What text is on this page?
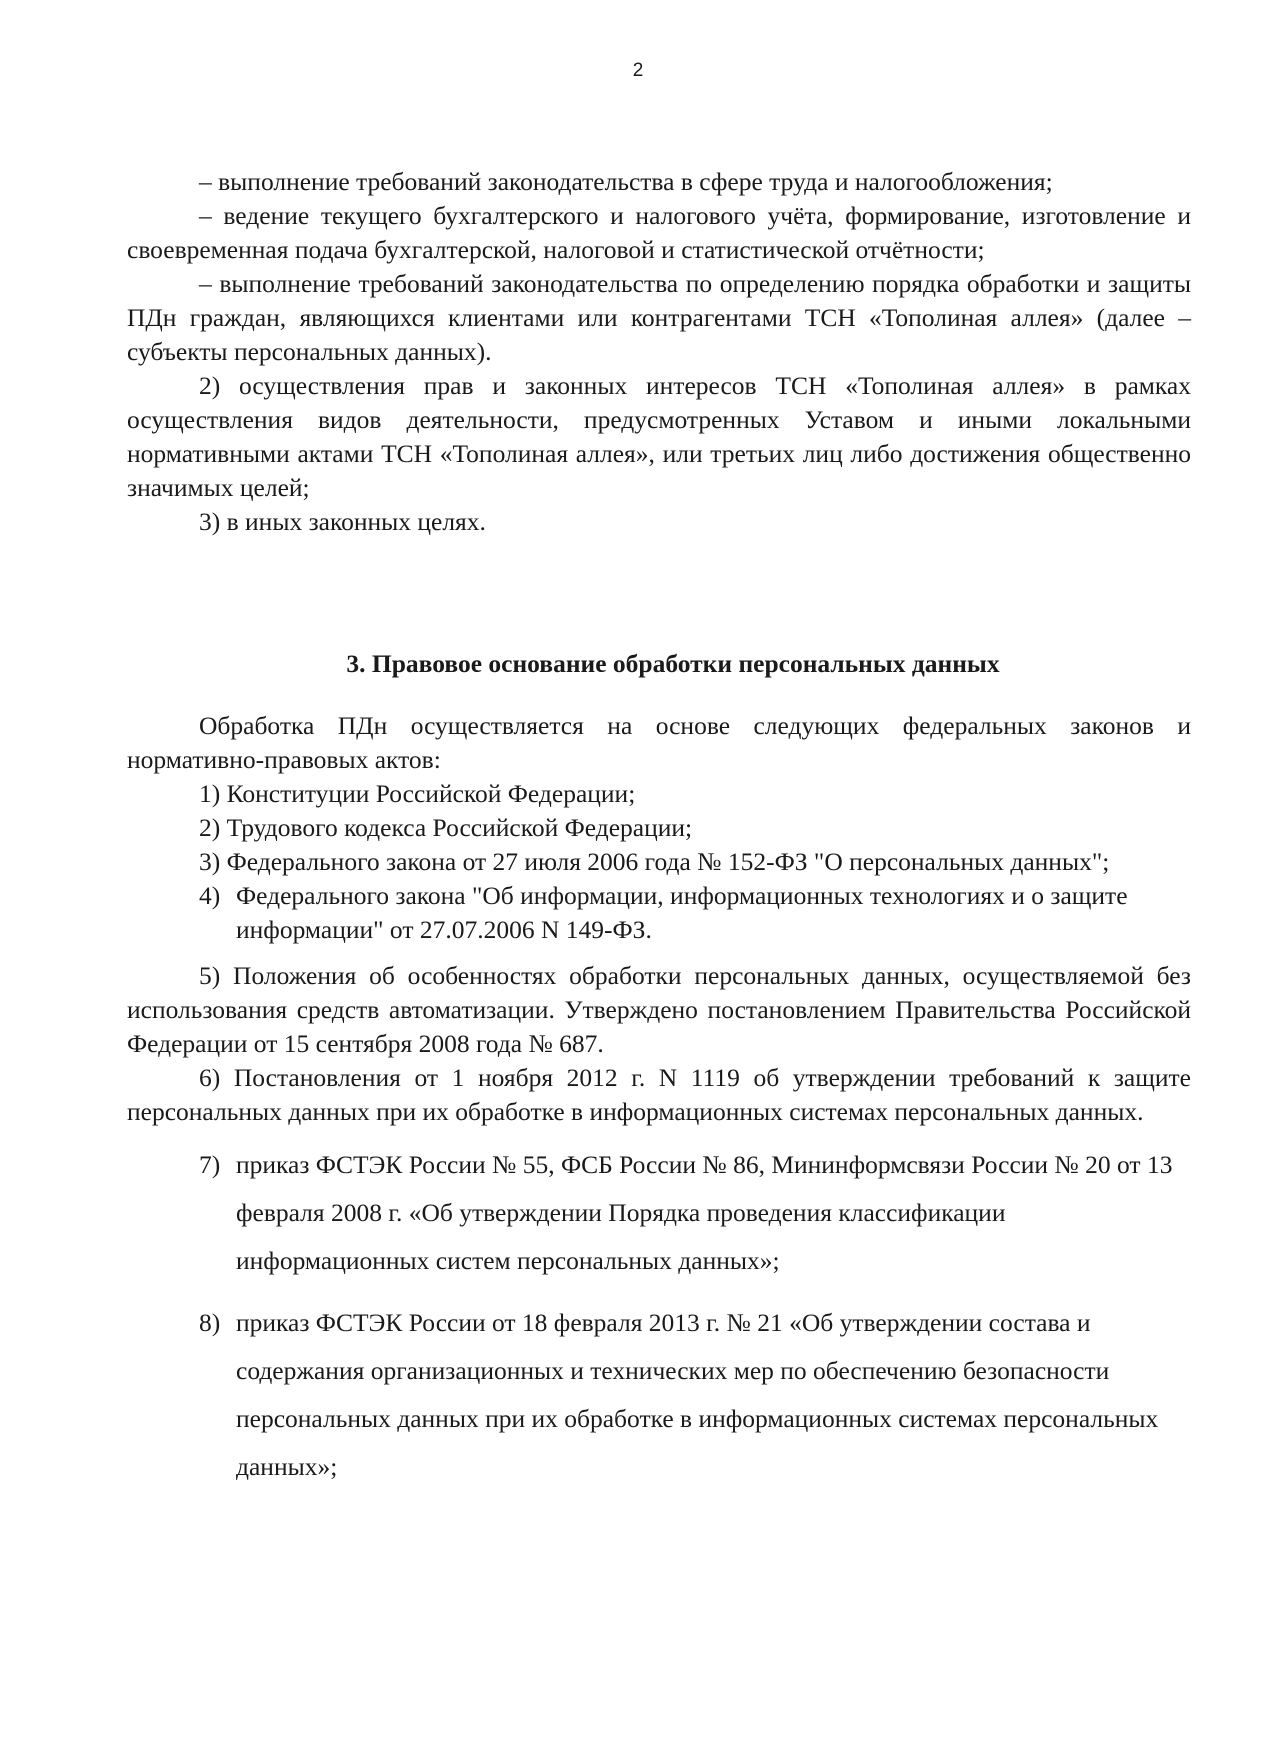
2

– выполнение требований законодательства в сфере труда и налогообложения;

– ведение текущего бухгалтерского и налогового учёта, формирование, изготовление и своевременная подача бухгалтерской, налоговой и статистической отчётности;

– выполнение требований законодательства по определению порядка обработки и защиты ПДн граждан, являющихся клиентами или контрагентами ТСН «Тополиная аллея» (далее – субъекты персональных данных).

2) осуществления прав и законных интересов ТСН «Тополиная аллея» в рамках осуществления видов деятельности, предусмотренных Уставом и иными локальными нормативными актами ТСН «Тополиная аллея», или третьих лиц либо достижения общественно значимых целей;

3) в иных законных целях.

3. Правовое основание обработки персональных данных

Обработка ПДн осуществляется на основе следующих федеральных законов и нормативно-правовых актов:

1) Конституции Российской Федерации;

2) Трудового кодекса Российской Федерации;

3) Федерального закона от 27 июля 2006 года № 152-ФЗ "О персональных данных";

4) Федерального закона "Об информации, информационных технологиях и о защите информации" от 27.07.2006 N 149-ФЗ.

5) Положения об особенностях обработки персональных данных, осуществляемой без использования средств автоматизации. Утверждено постановлением Правительства Российской Федерации от 15 сентября 2008 года № 687.

6) Постановления от 1 ноября 2012 г. N 1119 об утверждении требований к защите персональных данных при их обработке в информационных системах персональных данных.

7) приказ ФСТЭК России № 55, ФСБ России № 86, Мининформсвязи России № 20 от 13 февраля 2008 г. «Об утверждении Порядка проведения классификации информационных систем персональных данных»;
8) приказ ФСТЭК России от 18 февраля 2013 г. № 21 «Об утверждении состава и содержания организационных и технических мер по обеспечению безопасности персональных данных при их обработке в информационных системах персональных данных»;
